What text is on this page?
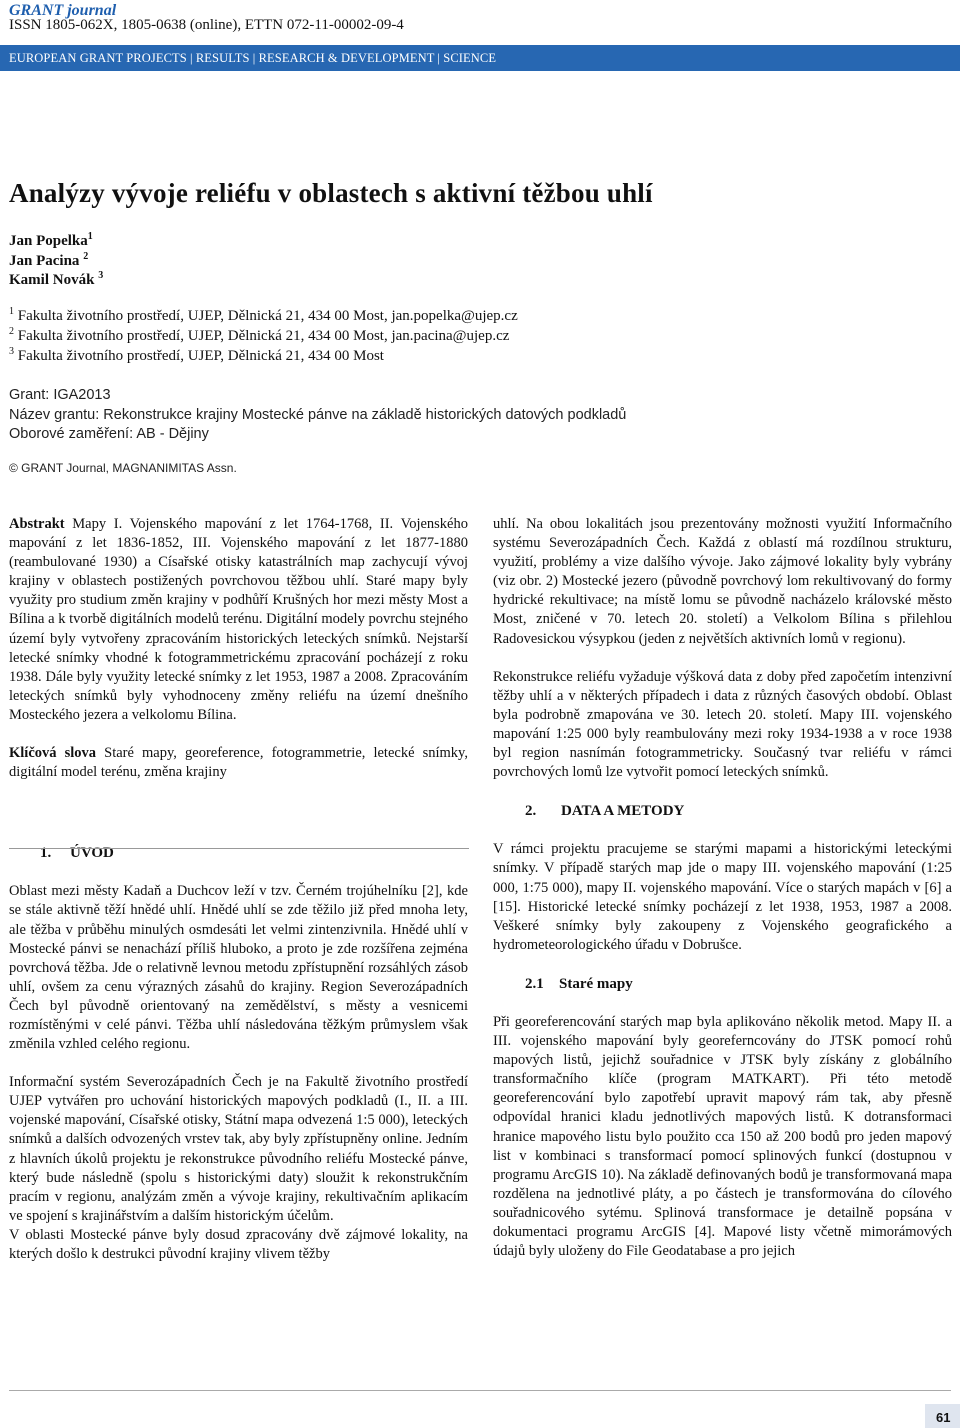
GRANT journal
ISSN 1805-062X, 1805-0638 (online), ETTN 072-11-00002-09-4
EUROPEAN GRANT PROJECTS | RESULTS | RESEARCH & DEVELOPMENT | SCIENCE
Analýzy vývoje reliéfu v oblastech s aktivní těžbou uhlí
Jan Popelka$^1$
Jan Pacina $^2$
Kamil Novák $^3$
$^1$ Fakulta životního prostředí, UJEP, Dělnická 21, 434 00 Most, jan.popelka@ujep.cz
$^2$ Fakulta životního prostředí, UJEP, Dělnická 21, 434 00 Most, jan.pacina@ujep.cz
$^3$ Fakulta životního prostředí, UJEP, Dělnická 21, 434 00 Most
Grant: IGA2013
Název grantu: Rekonstrukce krajiny Mostecké pánve na základě historických datových podkladů
Oborové zaměření: AB - Dějiny
© GRANT Journal, MAGNANIMITAS Assn.

Abstrakt Mapy I. Vojenského mapování z let 1764-1768, II. Vojenského mapování z let 1836-1852, III. Vojenského mapování z let 1877-1880 (reambulované 1930) a Císařské otisky katastrálních map zachycují vývoj krajiny v oblastech postižených povrchovou těžbou uhlí. Staré mapy byly využity pro studium změn krajiny v podhůří Krušných hor mezi městy Most a Bílina a k tvorbě digitálních modelů terénu. Digitální modely povrchu stejného území byly vytvořeny zpracováním historických leteckých snímků. Nejstarší letecké snímky vhodné k fotogrammetrickému zpracování pocházejí z roku 1938. Dále byly využity letecké snímky z let 1953, 1987 a 2008. Zpracováním leteckých snímků byly vyhodnoceny změny reliéfu na území dnešního Mosteckého jezera a velkolomu Bílina.

Klíčová slova Staré mapy, georeference, fotogrammetrie, letecké snímky, digitální model terénu, změna krajiny

1. ÚVOD

Oblast mezi městy Kadaň a Duchcov leží v tzv. Černém trojúhelníku [2], kde se stále aktivně těží hnědé uhlí. Hnědé uhlí se zde těžilo již před mnoha lety, ale těžba v průběhu minulých osmdesáti let velmi zintenzivnila. Hnědé uhlí v Mostecké pánvi se nenachází příliš hluboko, a proto je zde rozšířena zejména povrchová těžba. Jde o relativně levnou metodu zpřístupnění rozsáhlých zásob uhlí, ovšem za cenu výrazných zásahů do krajiny. Region Severozápadních Čech byl původně orientovaný na zemědělství, s městy a vesnicemi rozmístěnými v celé pánvi. Těžba uhlí následována těžkým průmyslem však změnila vzhled celého regionu.

Informační systém Severozápadních Čech je na Fakultě životního prostředí UJEP vytvářen pro uchování historických mapových podkladů (I., II. a III. vojenské mapování, Císařské otisky, Státní mapa odvezená 1:5 000), leteckých snímků a dalších odvozených vrstev tak, aby byly zpřístupněny online. Jedním z hlavních úkolů projektu je rekonstrukce původního reliéfu Mostecké pánve, který bude následně (spolu s historickými daty) sloužit k rekonstrukčním pracím v regionu, analýzám změn a vývoje krajiny, rekultivačním aplikacím ve spojení s krajinářstvím a dalším historickým účelům.

V oblasti Mostecké pánve byly dosud zpracovány dvě zájmové lokality, na kterých došlo k destrukci původní krajiny vlivem těžby

uhlí. Na obou lokalitách jsou prezentovány možnosti využití Informačního systému Severozápadních Čech. Každá z oblastí má rozdílnou strukturu, využití, problémy a vize dalšího vývoje. Jako zájmové lokality byly vybrány (viz obr. 2) Mostecké jezero (původně povrchový lom rekultivovaný do formy hydrické rekultivace; na místě lomu se původně nacházelo královské město Most, zničené v 70. letech 20. století) a Velkolom Bílina s přilehlou Radovesickou výsypkou (jeden z největších aktivních lomů v regionu).

Rekonstrukce reliéfu vyžaduje výšková data z doby před započetím intenzivní těžby uhlí a v některých případech i data z různých časových období. Oblast byla podrobně zmapována ve 30. letech 20. století. Mapy III. vojenského mapování 1:25 000 byly reambulovány mezi roky 1934-1938 a v roce 1938 byl region nasnímán fotogrammetricky. Současný tvar reliéfu v rámci povrchových lomů lze vytvořit pomocí leteckých snímků.

2. DATA A METODY

V rámci projektu pracujeme se starými mapami a historickými leteckými snímky. V případě starých map jde o mapy III. vojenského mapování (1:25 000, 1:75 000), mapy II. vojenského mapování. Více o starých mapách v [6] a [15]. Historické letecké snímky pocházejí z let 1938, 1953, 1987 a 2008. Veškeré snímky byly zakoupeny z Vojenského geografického a hydrometeorologického úřadu v Dobrušce.

2.1 Staré mapy

Při georeferencování starých map byla aplikováno několik metod. Mapy II. a III. vojenského mapování byly georeferncovány do JTSK pomocí rohů mapových listů, jejichž souřadnice v JTSK byly získány z globálního transformačního klíče (program MATKART). Při této metodě georeferencování bylo zapotřebí upravit mapový rám tak, aby přesně odpovídal hranici kladu jednotlivých mapových listů. K dotransformaci hranice mapového listu bylo použito cca 150 až 200 bodů pro jeden mapový list v kombinaci s transformací pomocí splinových funkcí (dostupnou v programu ArcGIS 10). Na základě definovaných bodů je transformovaná mapa rozdělena na jednotlivé pláty, a po částech je transformována do cílového souřadnicového sytému. Splinová transformace je detailně popsána v dokumentaci programu ArcGIS [4]. Mapové listy včetně mimorámových údajů byly uloženy do File Geodatabase a pro jejich

61
